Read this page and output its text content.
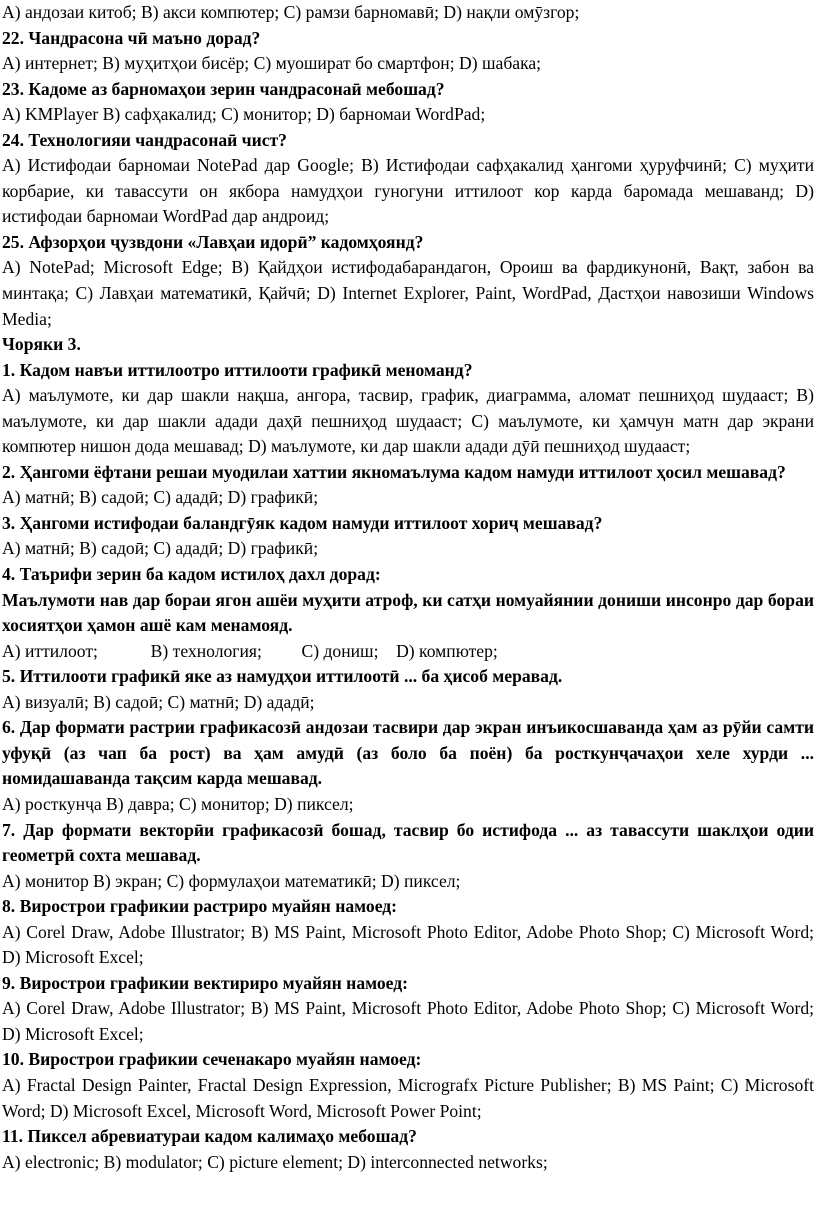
A) андозаи китоб; B) акси компютер; C) рамзи барномавӣ; D) нақли омӯзгор;

22. Чандрасона чӣ маъно дорад?

A) интернет; B) муҳитҳои бисёр; C) муошират бо смартфон; D) шабака;

23. Кадоме аз барномаҳои зерин чандрасонаӣ мебошад?

A) KMPlayer B) сафҳакалид; C) монитор; D) барномаи WordPad;

24. Технологияи чандрасонаӣ чист?

A) Истифодаи барномаи NotePad дар Google; B) Истифодаи сафҳакалид ҳангоми ҳуруфчинӣ; C) муҳити корбарие, ки тавассути он якбора намудҳои гуногуни иттилоот кор карда баромада мешаванд; D) истифодаи барномаи WordPad дар андроид;

25. Афзорҳои ҷузвдони «Лавҳаи идорӣ” кадомҳоянд?

A) NotePad; Microsoft Edge; B) Қайдҳои истифодабарандагон, Ороиш ва фардикунонӣ, Вақт, забон ва минтақа; C) Лавҳаи математикӣ, Қайчӣ; D) Internet Explorer, Paint, WordPad, Дастҳои навозиши Windows Media;

Чоряки 3.

1. Кадом навъи иттилоотро иттилооти графикӣ меноманд?

A) маълумоте, ки дар шакли нақша, ангора, тасвир, график, диаграмма, аломат пешниҳод шудааст; B) маълумоте, ки дар шакли адади даҳӣ пешниҳод шудааст; C) маълумоте, ки ҳамчун матн дар экрани компютер нишон дода мешавад; D) маълумоте, ки дар шакли адади дӯӣ пешниҳод шудааст;

2. Ҳангоми ёфтани решаи муодилаи хаттии якномаълума кадом намуди иттилоот ҳосил мешавад?

A) матнӣ; B) садоӣ; C) ададӣ; D) графикӣ;

3. Ҳангоми истифодаи баландгӯяк кадом намуди иттилоот хориҷ мешавад?

A) матнӣ; B) садоӣ; C) ададӣ; D) графикӣ;

4. Таърифи зерин ба кадом истилоҳ дахл дорад:

Маълумоти нав дар бораи ягон ашёи муҳити атроф, ки сатҳи номуайянии дониши инсонро дар бораи хосиятҳои ҳамон ашё кам менамояд.

A) иттилоот;            B) технология;         C) дониш;    D) компютер;

5. Иттилооти графикӣ яке аз намудҳои иттилоотӣ ... ба ҳисоб меравад.

A) визуалӣ; B) садоӣ; C) матнӣ; D) ададӣ;

6. Дар формати растрии графикасозӣ андозаи тасвири дар экран инъикосшаванда ҳам аз рӯйи самти уфуқӣ (аз чап ба рост) ва ҳам амудӣ (аз боло ба поён) ба росткунҷачаҳои хеле хурди ... номидашаванда тақсим карда мешавад.

A) росткунҷа B) давра; C) монитор; D) пиксел;

7. Дар формати векторӣи графикасозӣ бошад, тасвир бо истифода ... аз тавассути шаклҳои одии геометрӣ сохта мешавад.

A) монитор B) экран; C) формулаҳои математикӣ; D) пиксел;

8. Вирострои графикии растриро муайян намоед:

A) Corel Draw, Adobe Illustrator; B) MS Paint, Microsoft Photo Editor, Adobe Photo Shop; C) Microsoft Word; D) Microsoft Excel;

9. Вирострои графикии вектириро муайян намоед:

A) Corel Draw, Adobe Illustrator; B) MS Paint, Microsoft Photo Editor, Adobe Photo Shop; C) Microsoft Word; D) Microsoft Excel;

10. Вирострои графикии сеченакаро муайян намоед:

A) Fractal Design Painter, Fractal Design Expression, Micrografx Picture Publisher; B) MS Paint; C) Microsoft Word; D) Microsoft Excel, Microsoft Word, Microsoft Power Point;

11. Пиксел абревиатураи кадом калимаҳо мебошад?

A) electronic; B) modulator; C) picture element; D) interconnected networks;
